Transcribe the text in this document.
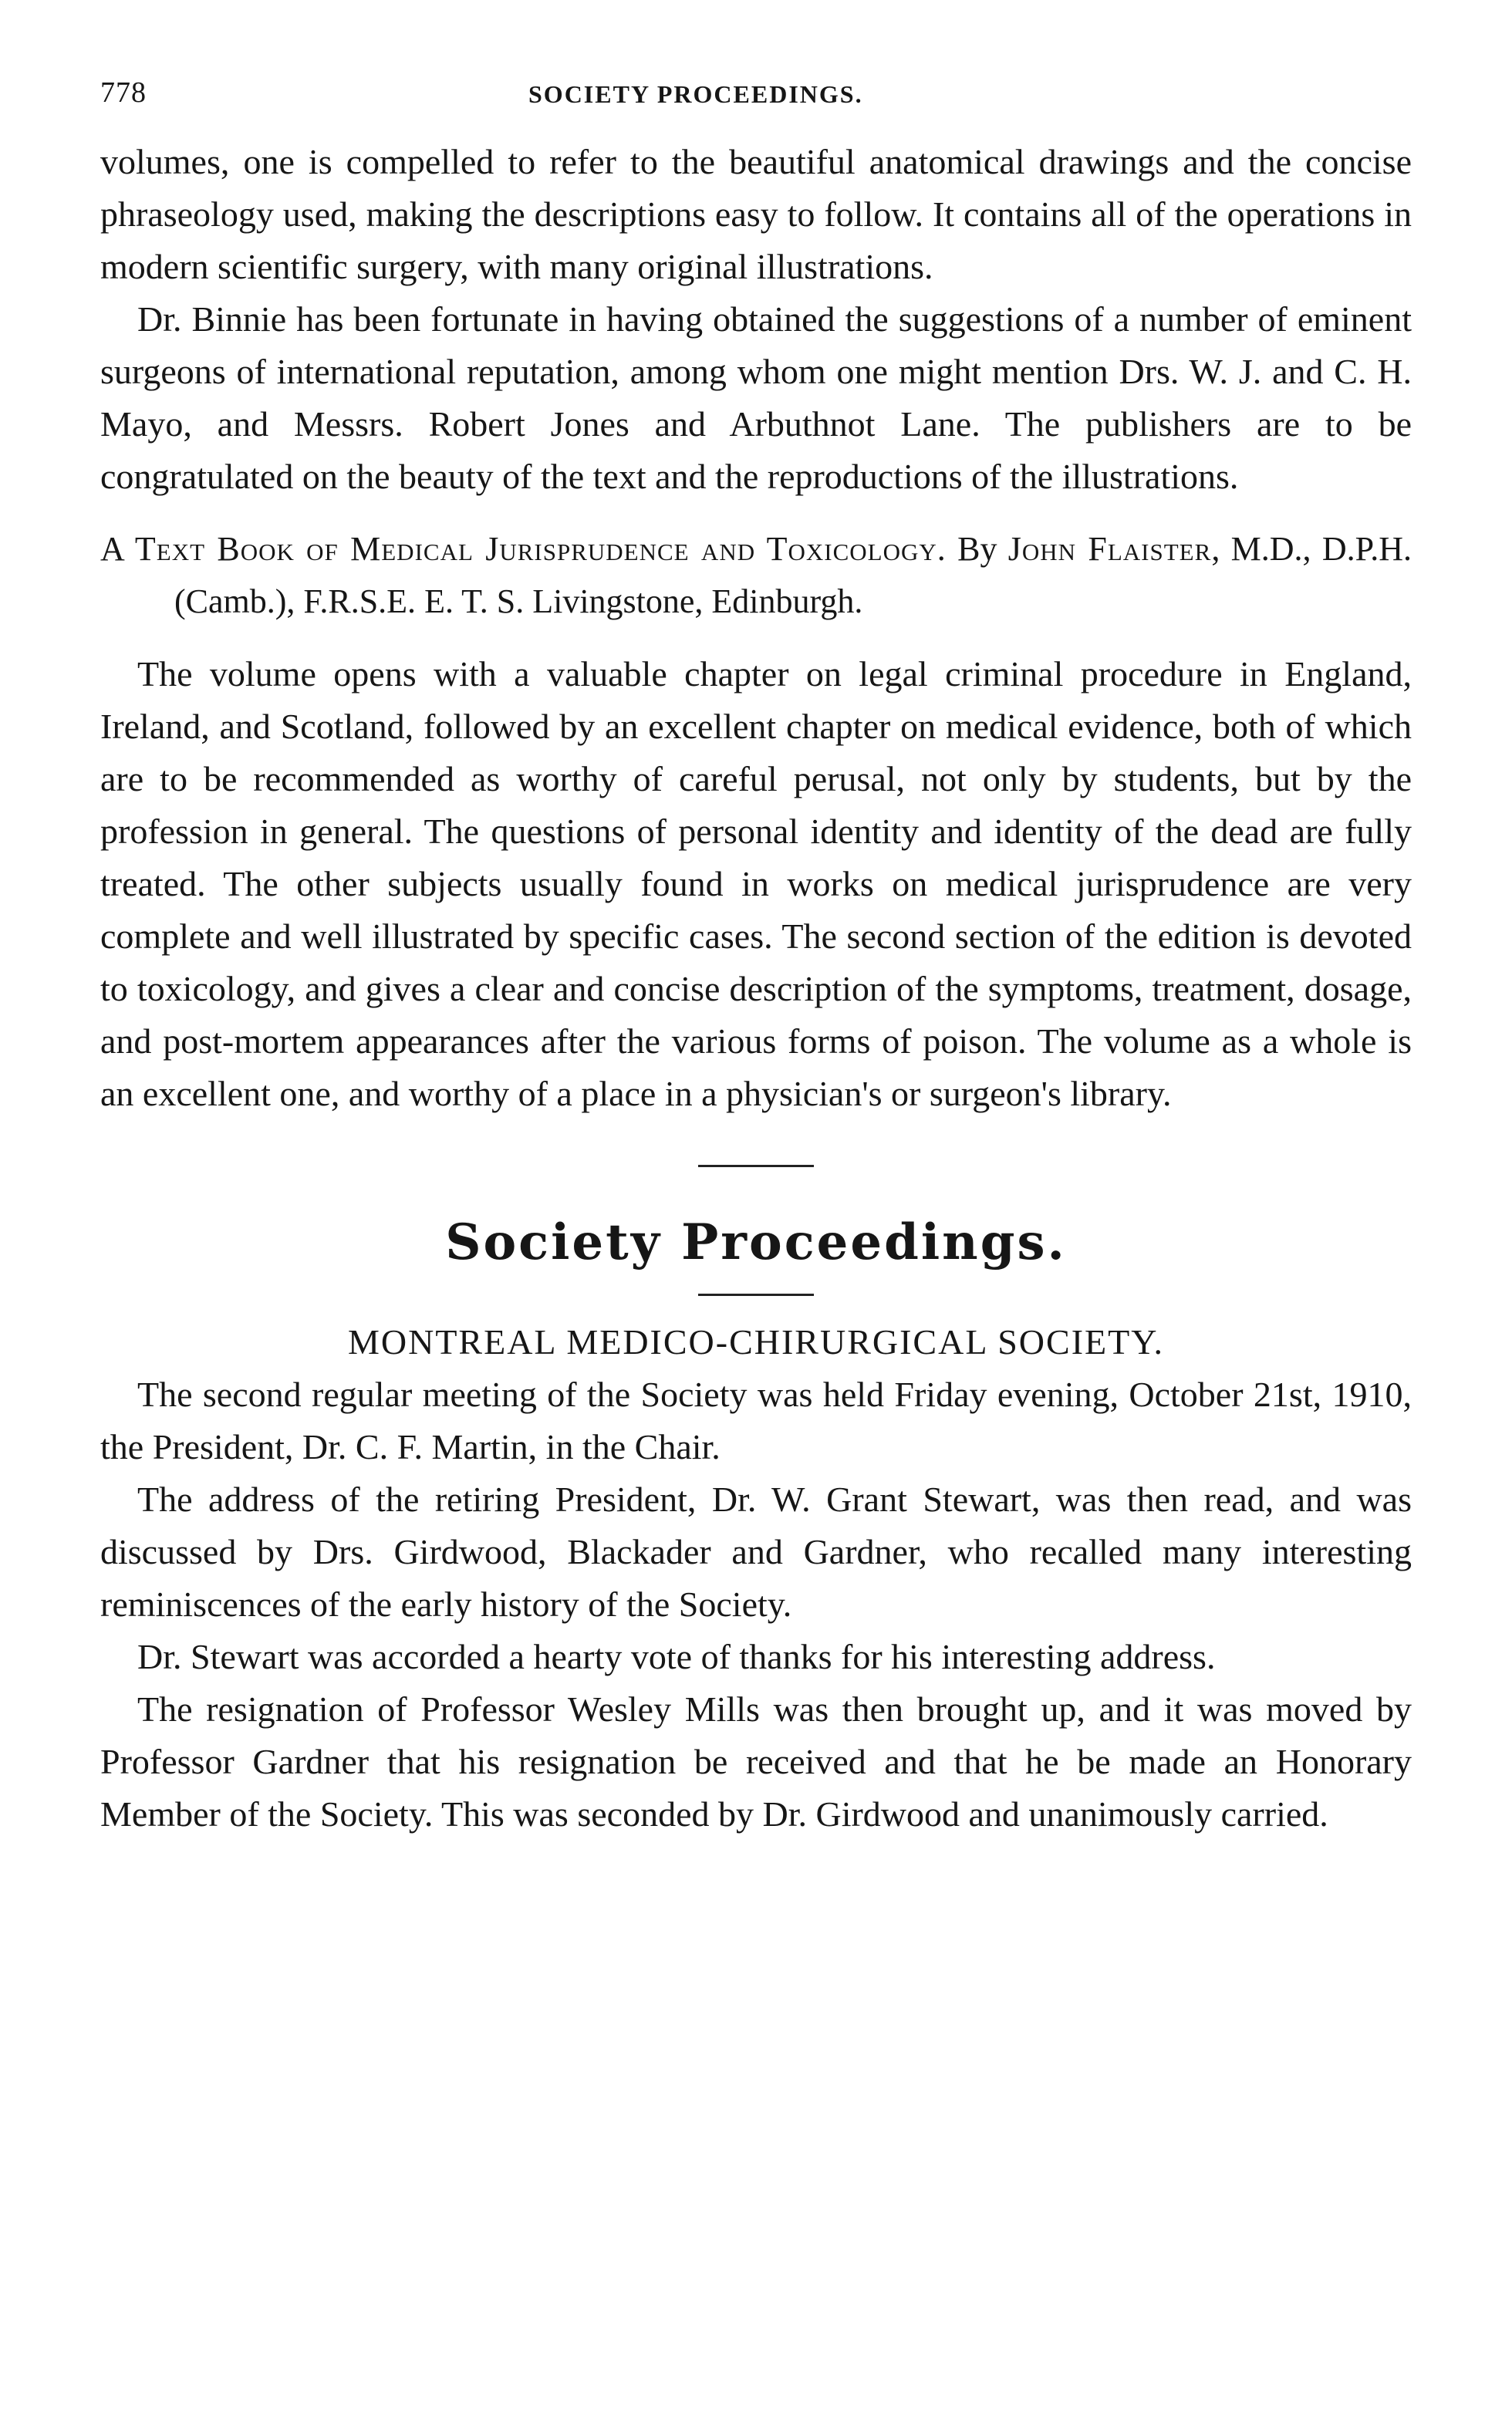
778	SOCIETY PROCEEDINGS.

volumes, one is compelled to refer to the beautiful anatomical drawings and the concise phraseology used, making the descriptions easy to follow. It contains all of the operations in modern scientific surgery, with many original illustrations.

Dr. Binnie has been fortunate in having obtained the suggestions of a number of eminent surgeons of international reputation, among whom one might mention Drs. W. J. and C. H. Mayo, and Messrs. Robert Jones and Arbuthnot Lane. The publishers are to be congratulated on the beauty of the text and the reproductions of the illustrations.

A Text Book of Medical Jurisprudence and Toxicology. By John Flaister, M.D., D.P.H. (Camb.), F.R.S.E. E. T. S. Livingstone, Edinburgh.

The volume opens with a valuable chapter on legal criminal procedure in England, Ireland, and Scotland, followed by an excellent chapter on medical evidence, both of which are to be recommended as worthy of careful perusal, not only by students, but by the profession in general. The questions of personal identity and identity of the dead are fully treated. The other subjects usually found in works on medical jurisprudence are very complete and well illustrated by specific cases. The second section of the edition is devoted to toxicology, and gives a clear and concise description of the symptoms, treatment, dosage, and post-mortem appearances after the various forms of poison. The volume as a whole is an excellent one, and worthy of a place in a physician's or surgeon's library.

Society Proceedings.
MONTREAL MEDICO-CHIRURGICAL SOCIETY.

The second regular meeting of the Society was held Friday evening, October 21st, 1910, the President, Dr. C. F. Martin, in the Chair.

The address of the retiring President, Dr. W. Grant Stewart, was then read, and was discussed by Drs. Girdwood, Blackader and Gardner, who recalled many interesting reminiscences of the early history of the Society.

Dr. Stewart was accorded a hearty vote of thanks for his interesting address.

The resignation of Professor Wesley Mills was then brought up, and it was moved by Professor Gardner that his resignation be received and that he be made an Honorary Member of the Society. This was seconded by Dr. Girdwood and unanimously carried.
